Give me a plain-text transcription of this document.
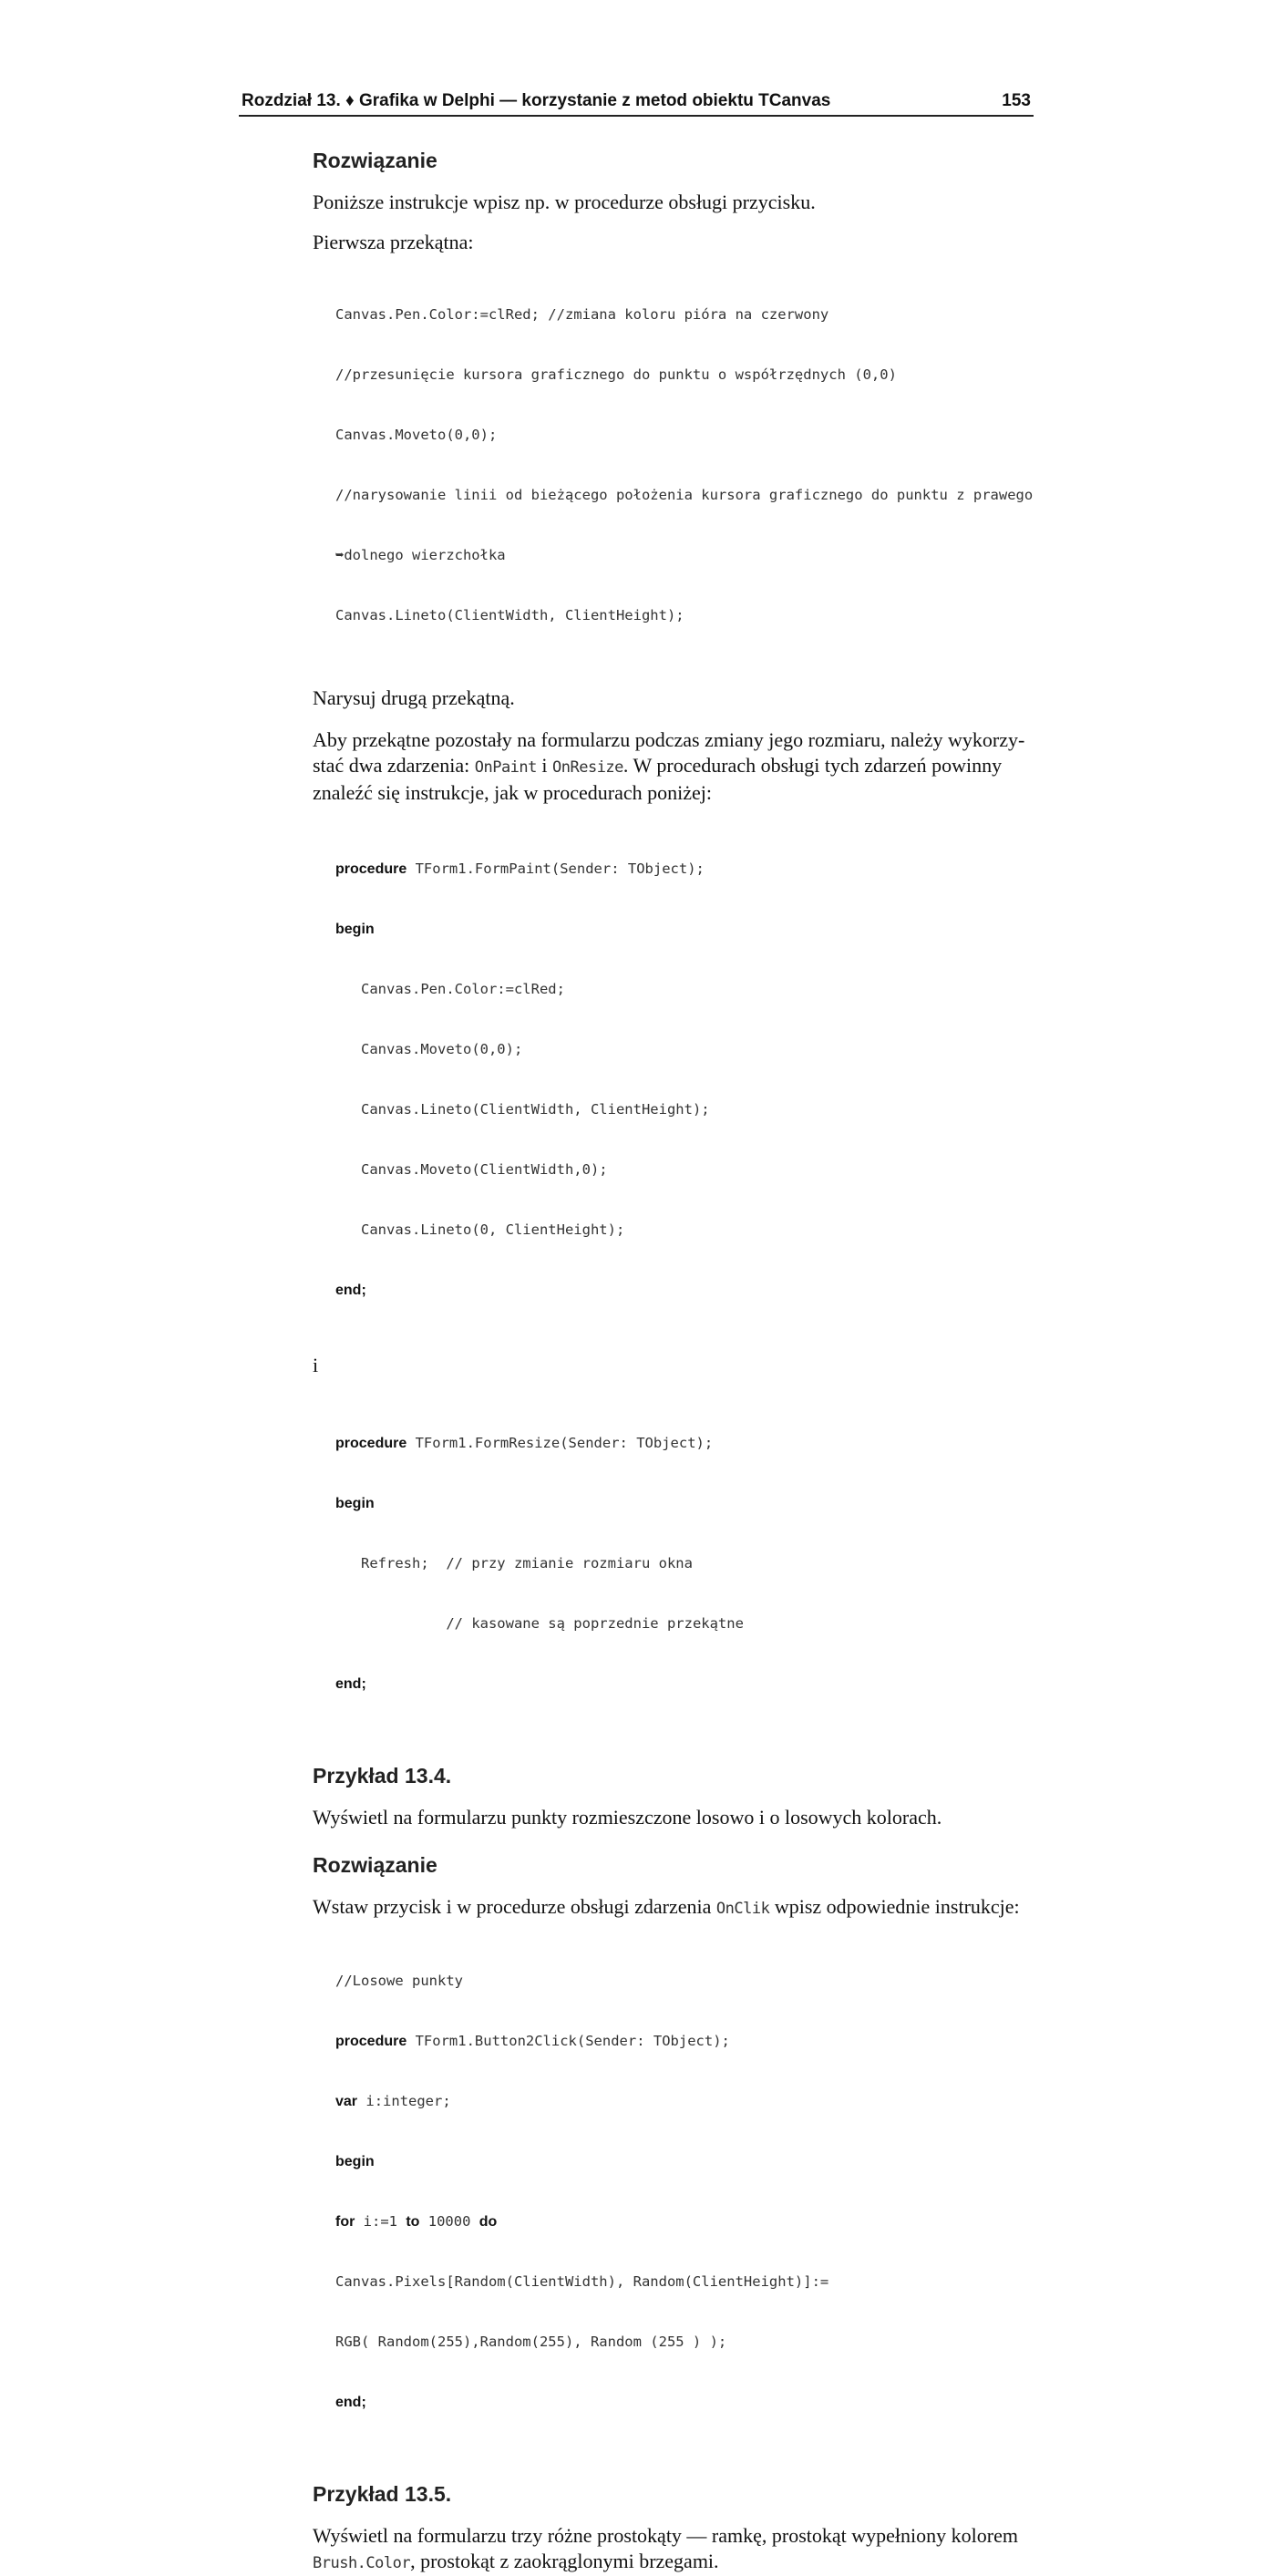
Rozdział 13. ♦ Grafika w Delphi — korzystanie z metod obiektu TCanvas	153
Rozwiązanie

Poniższe instrukcje wpisz np. w procedurze obsługi przycisku.

Pierwsza przekątna:

Canvas.Pen.Color:=clRed; //zmiana koloru pióra na czerwony

//przesunięcie kursora graficznego do punktu o współrzędnych (0,0)

Canvas.Moveto(0,0);

//narysowanie linii od bieżącego położenia kursora graficznego do punktu z prawego

➥dolnego wierzchołka

Canvas.Lineto(ClientWidth, ClientHeight);

Narysuj drugą przekątną.

Aby przekątne pozostały na formularzu podczas zmiany jego rozmiaru, należy wykorzy-
stać dwa zdarzenia: OnPaint i OnResize. W procedurach obsługi tych zdarzeń powinny
znaleźć się instrukcje, jak w procedurach poniżej:

procedure TForm1.FormPaint(Sender: TObject);

begin

Canvas.Pen.Color:=clRed;

Canvas.Moveto(0,0);

Canvas.Lineto(ClientWidth, ClientHeight);

Canvas.Moveto(ClientWidth,0);

Canvas.Lineto(0, ClientHeight);

end;

i

procedure TForm1.FormResize(Sender: TObject);

begin

Refresh;  // przy zmianie rozmiaru okna

// kasowane są poprzednie przekątne

end;

Przykład 13.4.

Wyświetl na formularzu punkty rozmieszczone losowo i o losowych kolorach.

Rozwiązanie

Wstaw przycisk i w procedurze obsługi zdarzenia OnClik wpisz odpowiednie instrukcje:

//Losowe punkty

procedure TForm1.Button2Click(Sender: TObject);

var i:integer;

begin

for i:=1 to 10000 do

Canvas.Pixels[Random(ClientWidth), Random(ClientHeight)]:=

RGB( Random(255),Random(255), Random (255 ) );

end;

Przykład 13.5.

Wyświetl na formularzu trzy różne prostokąty — ramkę, prostokąt wypełniony kolorem
Brush.Color, prostokąt z zaokrąglonymi brzegami.
